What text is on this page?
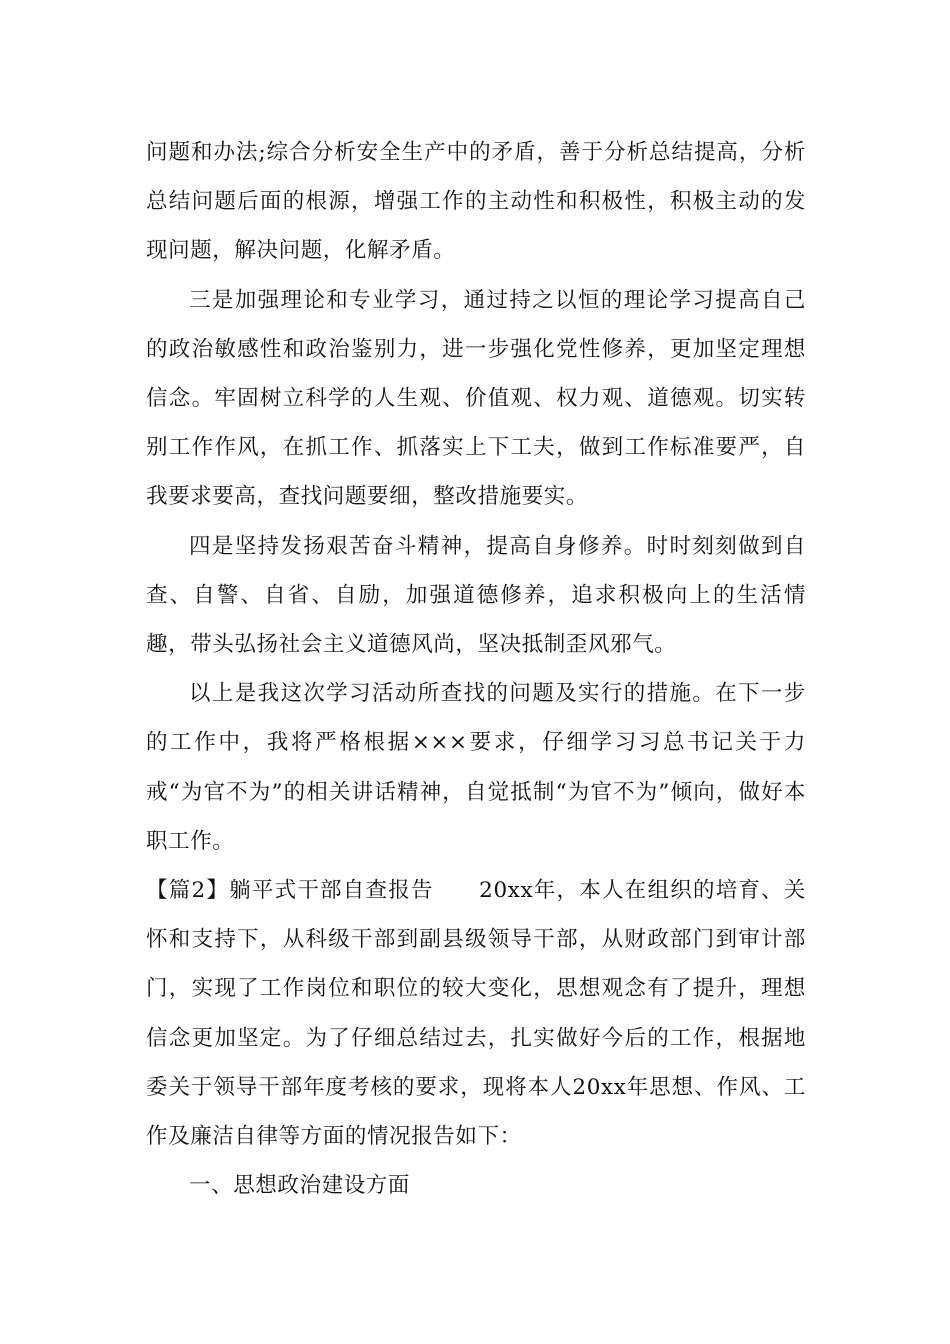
问题和办法;综合分析安全生产中的矛盾，善于分析总结提高，分析总结问题后面的根源，增强工作的主动性和积极性，积极主动的发现问题，解决问题，化解矛盾。

三是加强理论和专业学习，通过持之以恒的理论学习提高自己的政治敏感性和政治鉴别力，进一步强化党性修养，更加坚定理想信念。牢固树立科学的人生观、价值观、权力观、道德观。切实转别工作作风，在抓工作、抓落实上下工夫，做到工作标准要严，自我要求要高，查找问题要细，整改措施要实。

四是坚持发扬艰苦奋斗精神，提高自身修养。时时刻刻做到自查、自警、自省、自励，加强道德修养，追求积极向上的生活情趣，带头弘扬社会主义道德风尚，坚决抵制歪风邪气。

以上是我这次学习活动所查找的问题及实行的措施。在下一步的工作中，我将严格根据×××要求，仔细学习习总书记关于力戒“为官不为”的相关讲话精神，自觉抵制“为官不为”倾向，做好本职工作。

【篇2】躺平式干部自查报告　　20xx年，本人在组织的培育、关怀和支持下，从科级干部到副县级领导干部，从财政部门到审计部门，实现了工作岗位和职位的较大变化，思想观念有了提升，理想信念更加坚定。为了仔细总结过去，扎实做好今后的工作，根据地委关于领导干部年度考核的要求，现将本人20xx年思想、作风、工作及廉洁自律等方面的情况报告如下：

一、思想政治建设方面
